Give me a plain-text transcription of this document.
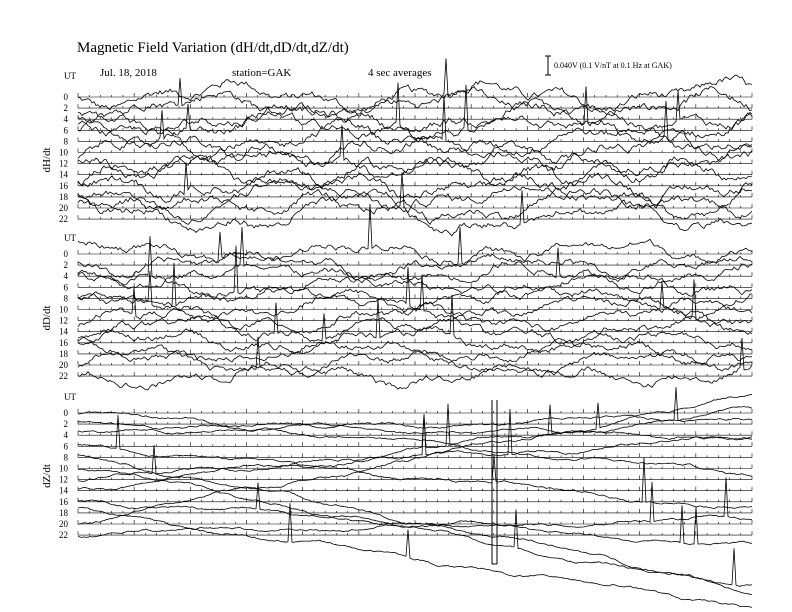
Magnetic Field Variation (dH/dt,dD/dt,dZ/dt)
Jul. 18, 2018	station=GAK	4 sec averages
0.040V (0.1 V/nT at 0.1 Hz at GAK)
UT
dH/dt
0
2
4
6
8
10
12
14
16
18
20
22
UT
dD/dt
0
2
4
6
8
10
12
14
16
18
20
22
UT
dZ/dt
0
2
4
6
8
10
12
14
16
18
20
22
